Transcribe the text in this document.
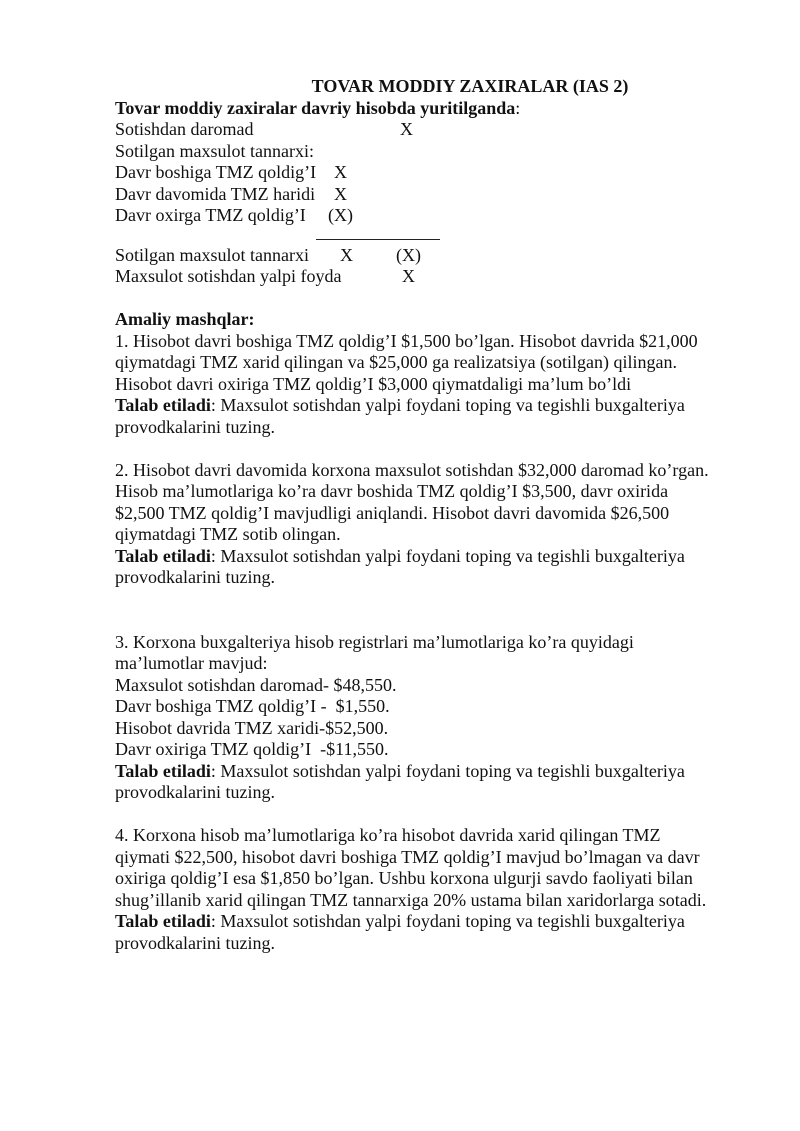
TOVAR MODDIY ZAXIRALAR (IAS 2)
Tovar moddiy zaxiralar davriy hisobda yuritilganda:
Sotishdan daromad	X
Sotilgan maxsulot tannarxi:
Davr boshiga TMZ qoldig’I X
Davr davomida TMZ haridi X
Davr oxirga TMZ qoldig’I (X)
Sotilgan maxsulot tannarxi X (X)
Maxsulot sotishdan yalpi foyda	X
Amaliy mashqlar:
1. Hisobot davri boshiga TMZ qoldig’I $1,500 bo’lgan. Hisobot davrida $21,000
qiymatdagi TMZ xarid qilingan va $25,000 ga realizatsiya (sotilgan) qilingan.
Hisobot davri oxiriga TMZ qoldig’I $3,000 qiymatdaligi ma’lum bo’ldi
Talab etiladi: Maxsulot sotishdan yalpi foydani toping va tegishli buxgalteriya
provodkalarini tuzing.
2. Hisobot davri davomida korxona maxsulot sotishdan $32,000 daromad ko’rgan.
Hisob ma’lumotlariga ko’ra davr boshida TMZ qoldig’I $3,500, davr oxirida
$2,500 TMZ qoldig’I mavjudligi aniqlandi. Hisobot davri davomida $26,500
qiymatdagi TMZ sotib olingan.
Talab etiladi: Maxsulot sotishdan yalpi foydani toping va tegishli buxgalteriya
provodkalarini tuzing.
3. Korxona buxgalteriya hisob registrlari ma’lumotlariga ko’ra quyidagi
ma’lumotlar mavjud:
Maxsulot sotishdan daromad- $48,550.
Davr boshiga TMZ qoldig’I -  $1,550.
Hisobot davrida TMZ xaridi-$52,500.
Davr oxiriga TMZ qoldig’I  -$11,550.
Talab etiladi: Maxsulot sotishdan yalpi foydani toping va tegishli buxgalteriya
provodkalarini tuzing.
4. Korxona hisob ma’lumotlariga ko’ra hisobot davrida xarid qilingan TMZ
qiymati $22,500, hisobot davri boshiga TMZ qoldig’I mavjud bo’lmagan va davr
oxiriga qoldig’I esa $1,850 bo’lgan. Ushbu korxona ulgurji savdo faoliyati bilan
shug’illanib xarid qilingan TMZ tannarxiga 20% ustama bilan xaridorlarga sotadi.
Talab etiladi: Maxsulot sotishdan yalpi foydani toping va tegishli buxgalteriya
provodkalarini tuzing.
